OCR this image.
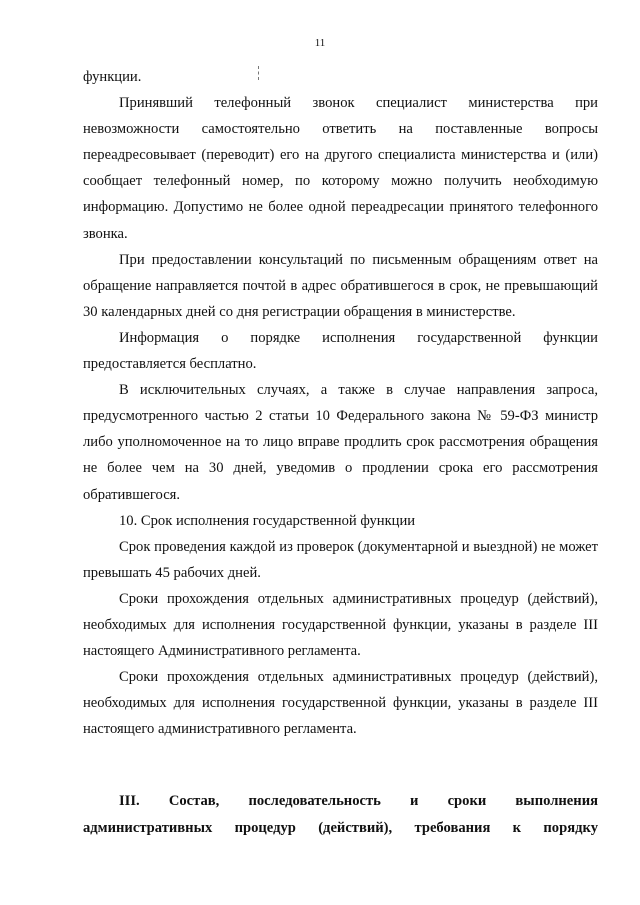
11

функции.

Принявший телефонный звонок специалист министерства при невозможности самостоятельно ответить на поставленные вопросы переадресовывает (переводит) его на другого специалиста министерства и (или) сообщает телефонный номер, по которому можно получить необходимую информацию. Допустимо не более одной переадресации принятого телефонного звонка.

При предоставлении консультаций по письменным обращениям ответ на обращение направляется почтой в адрес обратившегося в срок, не превышающий 30 календарных дней со дня регистрации обращения в министерстве.

Информация о порядке исполнения государственной функции предоставляется бесплатно.

В исключительных случаях, а также в случае направления запроса, предусмотренного частью 2 статьи 10 Федерального закона № 59-ФЗ министр либо уполномоченное на то лицо вправе продлить срок рассмотрения обращения не более чем на 30 дней, уведомив о продлении срока его рассмотрения обратившегося.

10. Срок исполнения государственной функции

Срок проведения каждой из проверок (документарной и выездной) не может превышать 45 рабочих дней.

Сроки прохождения отдельных административных процедур (действий), необходимых для исполнения государственной функции, указаны в разделе III настоящего Административного регламента.

Сроки прохождения отдельных административных процедур (действий), необходимых для исполнения государственной функции, указаны в разделе III настоящего административного регламента.

III. Состав, последовательность и сроки выполнения

административных процедур (действий), требования к порядку
